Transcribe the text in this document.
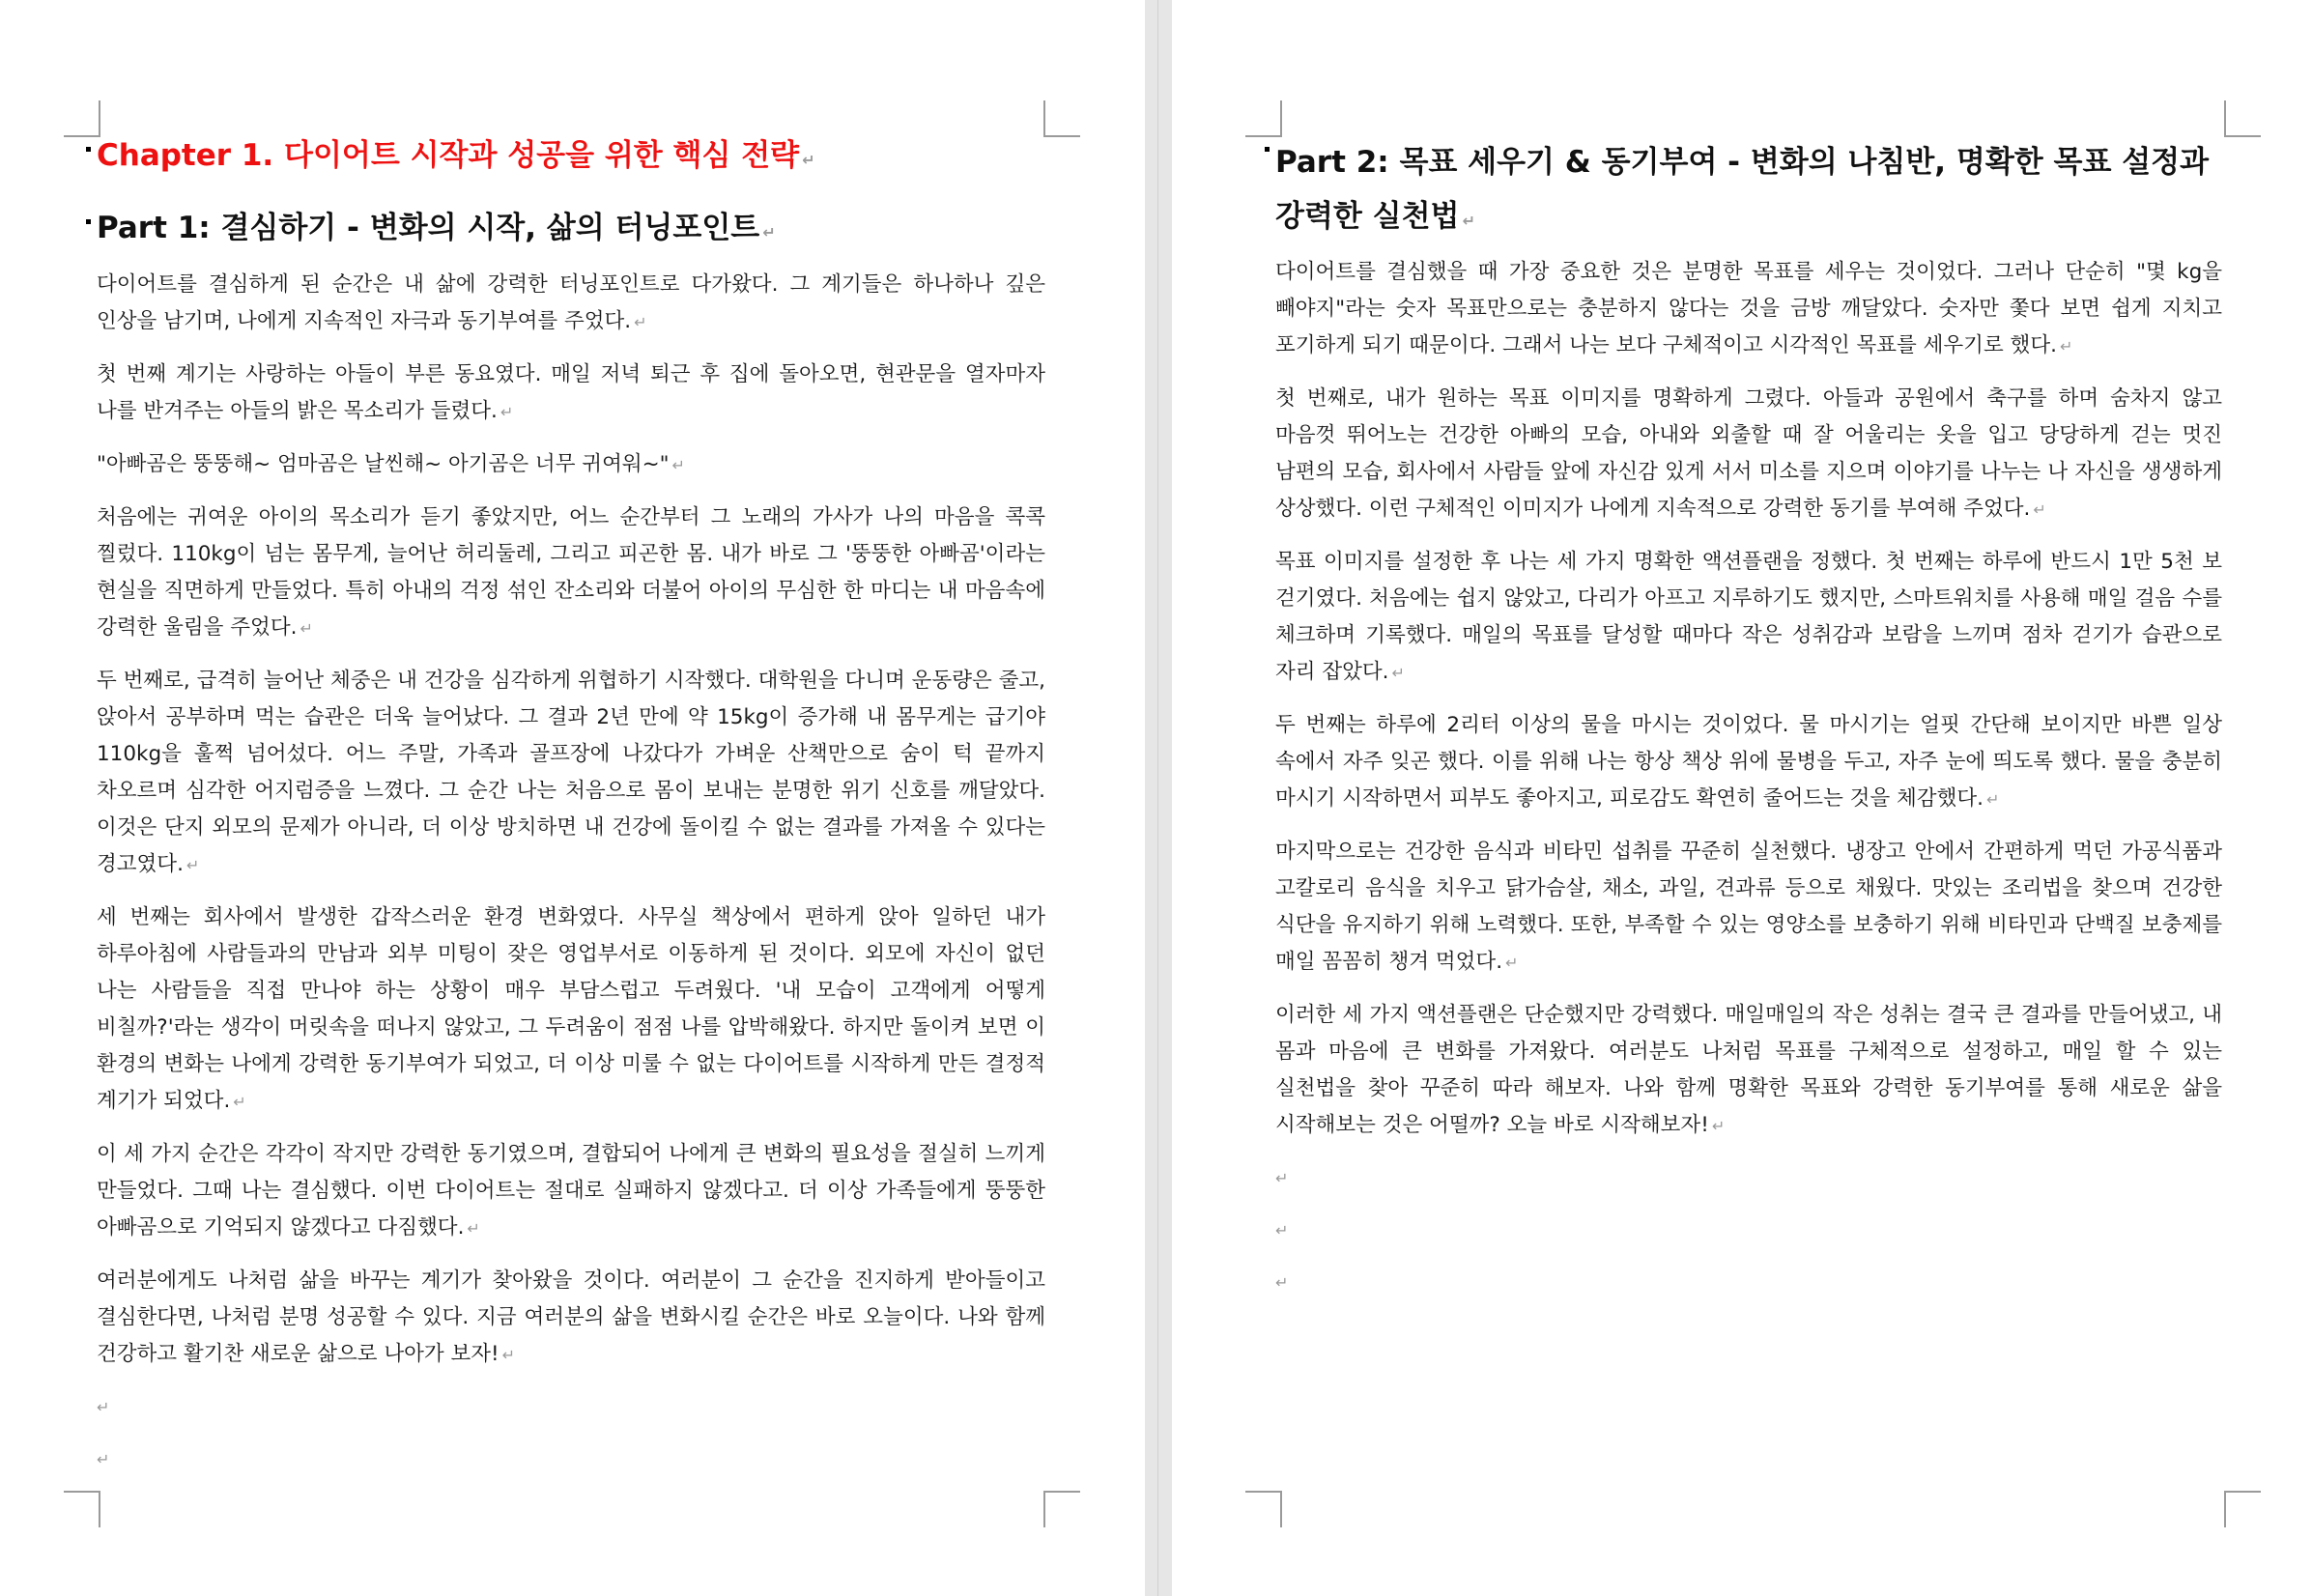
Chapter 1. 다이어트 시작과 성공을 위한 핵심 전략 ↵
Part 1: 결심하기 - 변화의 시작, 삶의 터닝포인트 ↵

다이어트를 결심하게 된 순간은 내 삶에 강력한 터닝포인트로 다가왔다. 그 계기들은 하나하나 깊은 인상을 남기며, 나에게 지속적인 자극과 동기부여를 주었다. ↵

첫 번째 계기는 사랑하는 아들이 부른 동요였다. 매일 저녁 퇴근 후 집에 돌아오면, 현관문을 열자마자 나를 반겨주는 아들의 밝은 목소리가 들렸다. ↵

"아빠곰은 뚱뚱해~ 엄마곰은 날씬해~ 아기곰은 너무 귀여워~" ↵

처음에는 귀여운 아이의 목소리가 듣기 좋았지만, 어느 순간부터 그 노래의 가사가 나의 마음을 콕콕 찔렀다. 110kg이 넘는 몸무게, 늘어난 허리둘레, 그리고 피곤한 몸. 내가 바로 그 '뚱뚱한 아빠곰'이라는 현실을 직면하게 만들었다. 특히 아내의 걱정 섞인 잔소리와 더불어 아이의 무심한 한 마디는 내 마음속에 강력한 울림을 주었다. ↵

두 번째로, 급격히 늘어난 체중은 내 건강을 심각하게 위협하기 시작했다. 대학원을 다니며 운동량은 줄고, 앉아서 공부하며 먹는 습관은 더욱 늘어났다. 그 결과 2년 만에 약 15kg이 증가해 내 몸무게는 급기야 110kg을 훌쩍 넘어섰다. 어느 주말, 가족과 골프장에 나갔다가 가벼운 산책만으로 숨이 턱 끝까지 차오르며 심각한 어지럼증을 느꼈다. 그 순간 나는 처음으로 몸이 보내는 분명한 위기 신호를 깨달았다. 이것은 단지 외모의 문제가 아니라, 더 이상 방치하면 내 건강에 돌이킬 수 없는 결과를 가져올 수 있다는 경고였다. ↵

세 번째는 회사에서 발생한 갑작스러운 환경 변화였다. 사무실 책상에서 편하게 앉아 일하던 내가 하루아침에 사람들과의 만남과 외부 미팅이 잦은 영업부서로 이동하게 된 것이다. 외모에 자신이 없던 나는 사람들을 직접 만나야 하는 상황이 매우 부담스럽고 두려웠다. '내 모습이 고객에게 어떻게 비칠까?'라는 생각이 머릿속을 떠나지 않았고, 그 두려움이 점점 나를 압박해왔다. 하지만 돌이켜 보면 이 환경의 변화는 나에게 강력한 동기부여가 되었고, 더 이상 미룰 수 없는 다이어트를 시작하게 만든 결정적 계기가 되었다. ↵

이 세 가지 순간은 각각이 작지만 강력한 동기였으며, 결합되어 나에게 큰 변화의 필요성을 절실히 느끼게 만들었다. 그때 나는 결심했다. 이번 다이어트는 절대로 실패하지 않겠다고. 더 이상 가족들에게 뚱뚱한 아빠곰으로 기억되지 않겠다고 다짐했다. ↵

여러분에게도 나처럼 삶을 바꾸는 계기가 찾아왔을 것이다. 여러분이 그 순간을 진지하게 받아들이고 결심한다면, 나처럼 분명 성공할 수 있다. 지금 여러분의 삶을 변화시킬 순간은 바로 오늘이다. 나와 함께 건강하고 활기찬 새로운 삶으로 나아가 보자! ↵

↵
↵
Part 2: 목표 세우기 & 동기부여 - 변화의 나침반, 명확한 목표 설정과 강력한 실천법 ↵

다이어트를 결심했을 때 가장 중요한 것은 분명한 목표를 세우는 것이었다. 그러나 단순히 "몇 kg을 빼야지"라는 숫자 목표만으로는 충분하지 않다는 것을 금방 깨달았다. 숫자만 쫓다 보면 쉽게 지치고 포기하게 되기 때문이다. 그래서 나는 보다 구체적이고 시각적인 목표를 세우기로 했다. ↵

첫 번째로, 내가 원하는 목표 이미지를 명확하게 그렸다. 아들과 공원에서 축구를 하며 숨차지 않고 마음껏 뛰어노는 건강한 아빠의 모습, 아내와 외출할 때 잘 어울리는 옷을 입고 당당하게 걷는 멋진 남편의 모습, 회사에서 사람들 앞에 자신감 있게 서서 미소를 지으며 이야기를 나누는 나 자신을 생생하게 상상했다. 이런 구체적인 이미지가 나에게 지속적으로 강력한 동기를 부여해 주었다. ↵

목표 이미지를 설정한 후 나는 세 가지 명확한 액션플랜을 정했다. 첫 번째는 하루에 반드시 1만 5천 보 걷기였다. 처음에는 쉽지 않았고, 다리가 아프고 지루하기도 했지만, 스마트워치를 사용해 매일 걸음 수를 체크하며 기록했다. 매일의 목표를 달성할 때마다 작은 성취감과 보람을 느끼며 점차 걷기가 습관으로 자리 잡았다. ↵

두 번째는 하루에 2리터 이상의 물을 마시는 것이었다. 물 마시기는 얼핏 간단해 보이지만 바쁜 일상 속에서 자주 잊곤 했다. 이를 위해 나는 항상 책상 위에 물병을 두고, 자주 눈에 띄도록 했다. 물을 충분히 마시기 시작하면서 피부도 좋아지고, 피로감도 확연히 줄어드는 것을 체감했다. ↵

마지막으로는 건강한 음식과 비타민 섭취를 꾸준히 실천했다. 냉장고 안에서 간편하게 먹던 가공식품과 고칼로리 음식을 치우고 닭가슴살, 채소, 과일, 견과류 등으로 채웠다. 맛있는 조리법을 찾으며 건강한 식단을 유지하기 위해 노력했다. 또한, 부족할 수 있는 영양소를 보충하기 위해 비타민과 단백질 보충제를 매일 꼼꼼히 챙겨 먹었다. ↵

이러한 세 가지 액션플랜은 단순했지만 강력했다. 매일매일의 작은 성취는 결국 큰 결과를 만들어냈고, 내 몸과 마음에 큰 변화를 가져왔다. 여러분도 나처럼 목표를 구체적으로 설정하고, 매일 할 수 있는 실천법을 찾아 꾸준히 따라 해보자. 나와 함께 명확한 목표와 강력한 동기부여를 통해 새로운 삶을 시작해보는 것은 어떨까? 오늘 바로 시작해보자! ↵

↵
↵
↵
